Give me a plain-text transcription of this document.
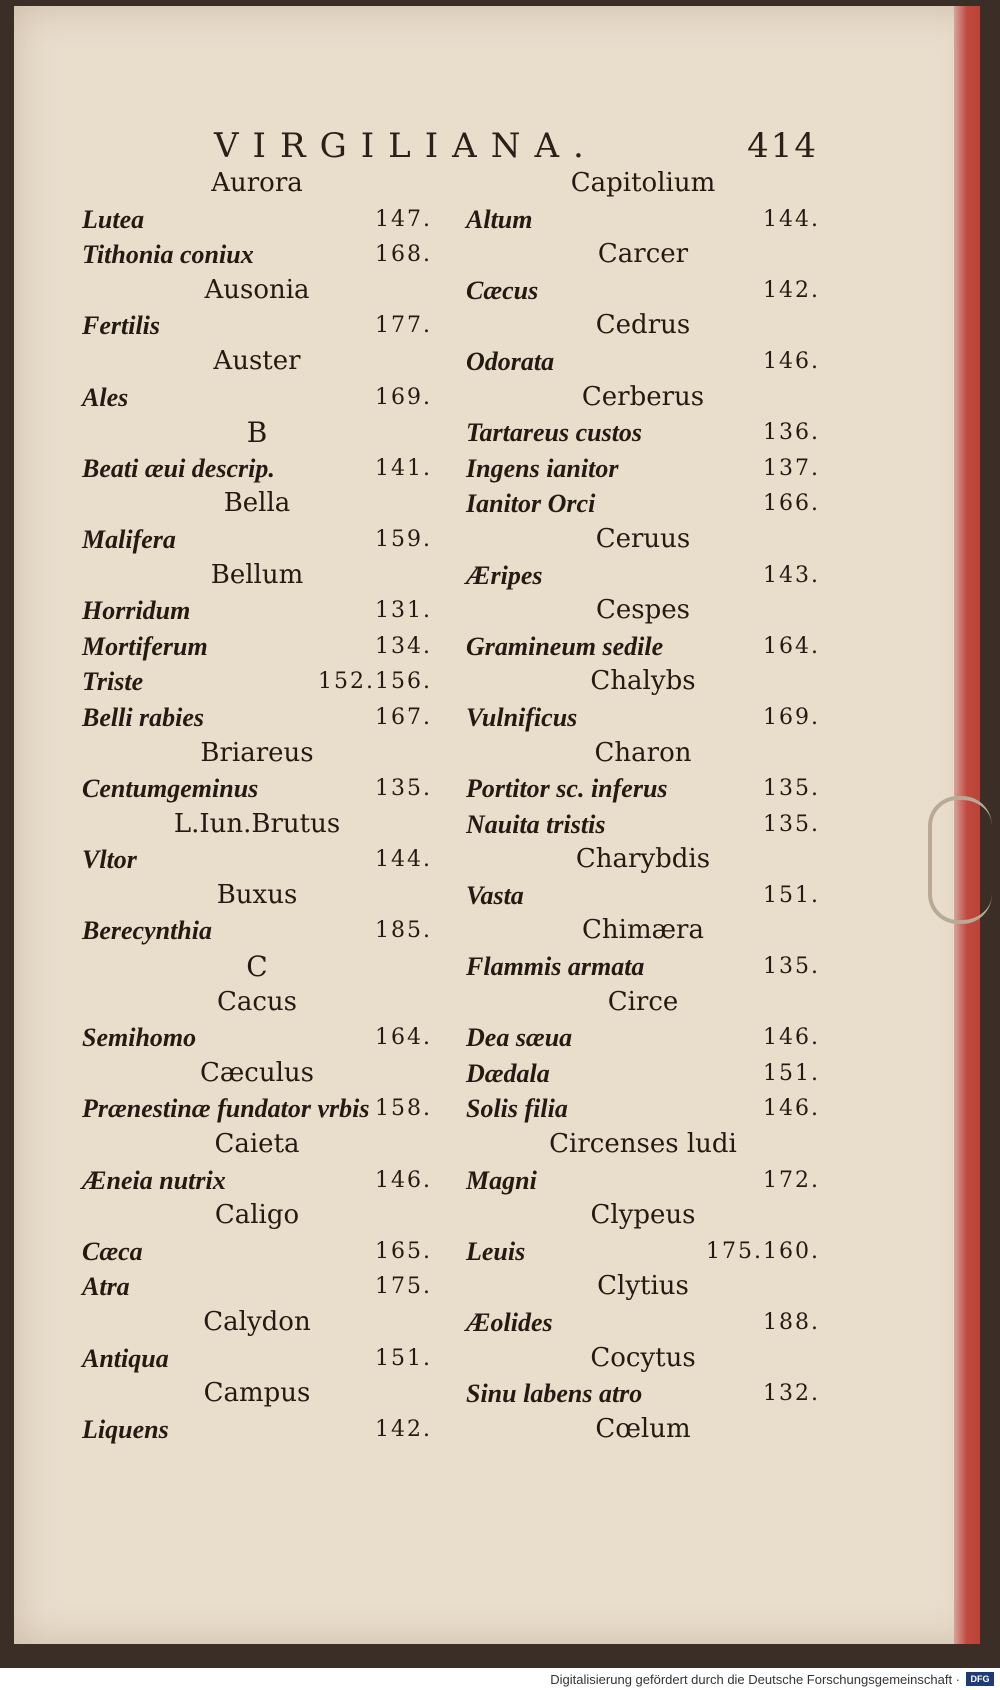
VIRGILIANA.	414
Aurora
Lutea	147.
Tithonia coniux	168.
Ausonia
Fertilis	177.
Auster
Ales	169.
B
Beati æui descrip.	141.
Bella
Malifera	159.
Bellum
Horridum	131.
Mortiferum	134.
Triste	152.156.
Belli rabies	167.
Briareus
Centumgeminus	135.
L.Iun.Brutus
Vltor	144.
Buxus
Berecynthia	185.
C
Cacus
Semihomo	164.
Cæculus
Prænestinæ fundator vrbis 158.
Caieta
Æneia nutrix	146.
Caligo
Cæca	165.
Atra	175.
Calydon
Antiqua	151.
Campus
Liquens	142.
Capitolium
Altum	144.
Carcer
Cæcus	142.
Cedrus
Odorata	146.
Cerberus
Tartareus custos	136.
Ingens ianitor	137.
Ianitor Orci	166.
Ceruus
Æripes	143.
Cespes
Gramineum sedile	164.
Chalybs
Vulnificus	169.
Charon
Portitor sc. inferus	135.
Nauita tristis	135.
Charybdis
Vasta	151.
Chimæra
Flammis armata	135.
Circe
Dea sæua	146.
Dædala	151.
Solis filia	146.
Circenses ludi
Magni	172.
Clypeus
Leuis	175.160.
Clytius
Æolides	188.
Cocytus
Sinu labens atro	132.
Cœlum
Digitalisierung gefördert durch die Deutsche Forschungsgemeinschaft ·	DFG
